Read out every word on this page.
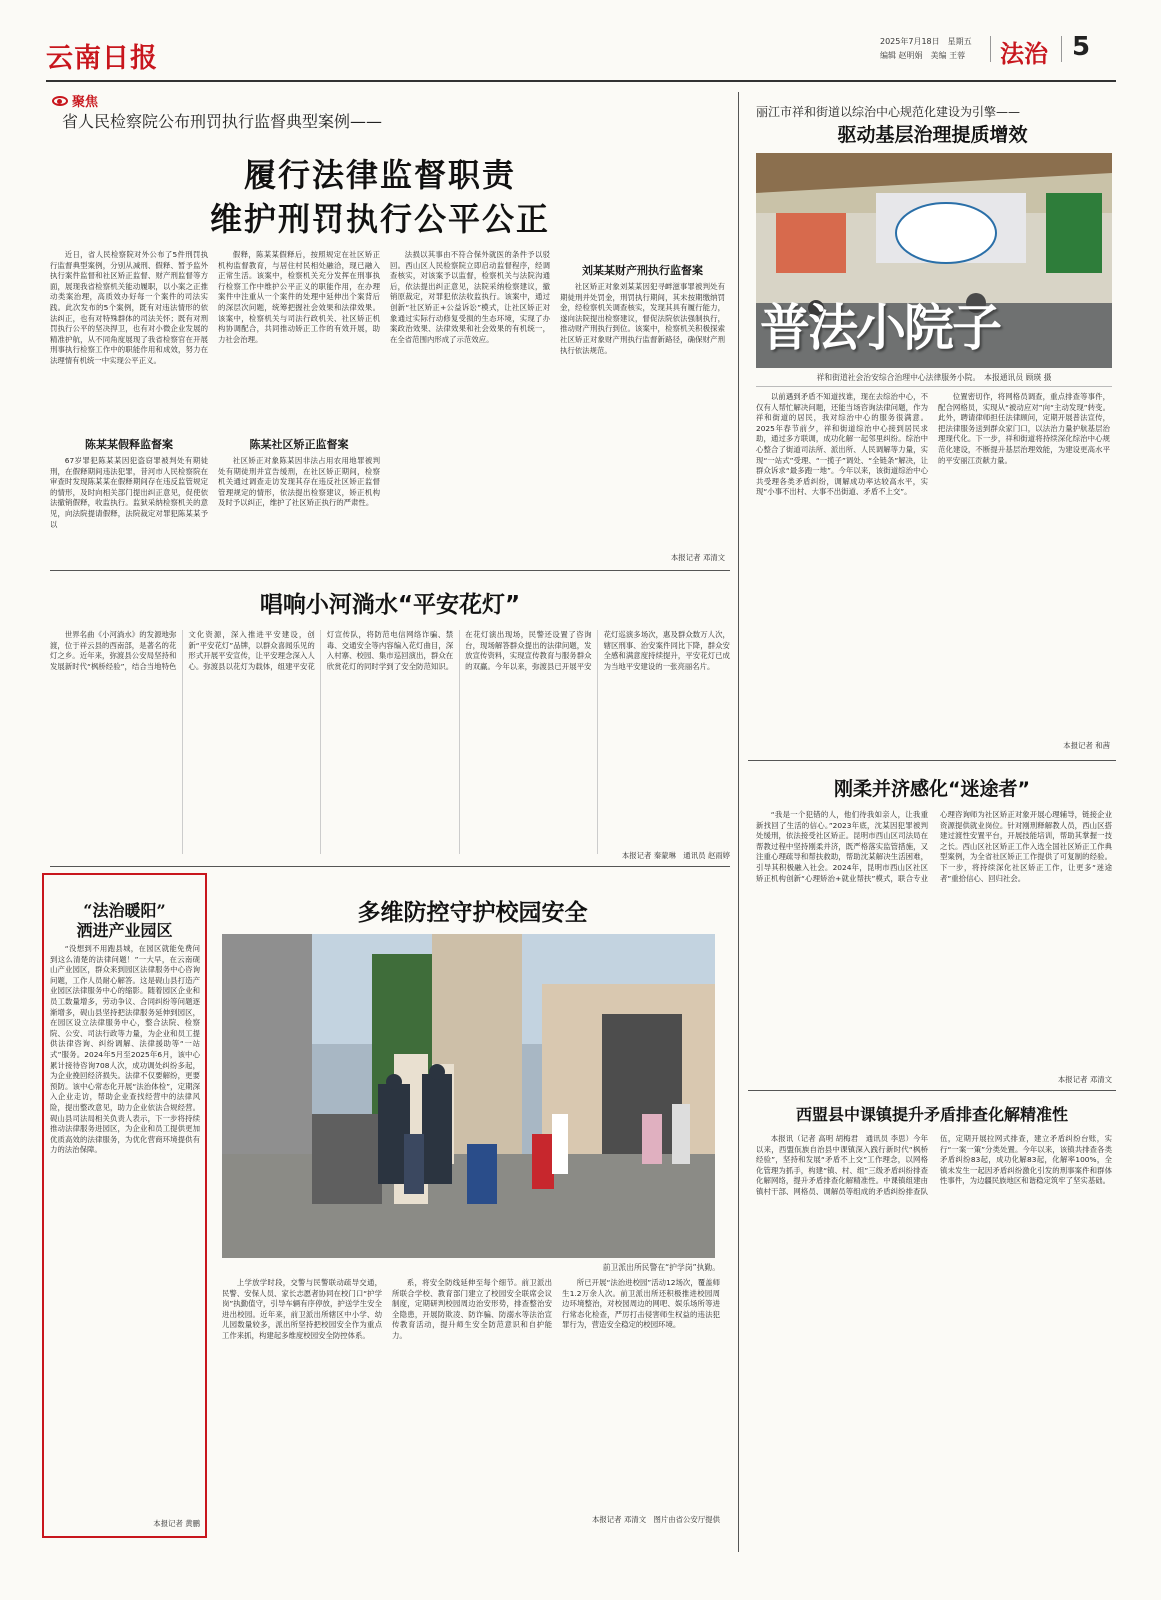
云南日报
2025年7月18日　星期五
编辑 赵明娟　美编 王蓉 法治 5
聚焦
省人民检察院公布刑罚执行监督典型案例——
履行法律监督职责
维护刑罚执行公平公正

近日，省人民检察院对外公布了5件刑罚执行监督典型案例，分别从减刑、假释、暂予监外执行案件监督和社区矫正监督、财产刑监督等方面，展现我省检察机关能动履职，以小案之正推动类案治理，高质效办好每一个案件的司法实践。此次发布的5个案例，既有对违法情形的依法纠正，也有对特殊群体的司法关怀；既有对刑罚执行公平的坚决捍卫，也有对小微企业发展的精准护航，从不同角度展现了我省检察官在开展刑事执行检察工作中的职能作用和成效，努力在法理情有机统一中实现公平正义。

陈某某假释监督案

67岁罪犯陈某某因犯盗窃罪被判处有期徒刑，在假释期间违法犯罪，昔河市人民检察院在审查时发现陈某某在假释期间存在违反监管规定的情形，及时向相关部门提出纠正意见，促使依法撤销假释，收监执行。监狱采纳检察机关的意见，向法院提请假释，法院裁定对罪犯陈某某予以

假释，陈某某假释后，按照规定在社区矫正机构监督教育，与居住村民相处融洽，现已融入正常生活。该案中，检察机关充分发挥在刑事执行检察工作中维护公平正义的职能作用，在办理案件中注重从一个案件的处理中延伸出个案背后的深层次问题，统筹把握社会效果和法律效果。该案中，检察机关与司法行政机关、社区矫正机构协调配合，共同推动矫正工作的有效开展，助力社会治理。

陈某社区矫正监督案

社区矫正对象陈某因非法占用农用地罪被判处有期徒刑并宣告缓刑，在社区矫正期间，检察机关通过调查走访发现其存在违反社区矫正监督管理规定的情形，依法提出检察建议，矫正机构及时予以纠正，维护了社区矫正执行的严肃性。

法损以其事由不符合保外就医的条件予以驳回。西山区人民检察院立即启动监督程序，经调查核实，对该案予以监督，检察机关与法院沟通后，依法提出纠正意见，法院采纳检察建议，撤销原裁定，对罪犯依法收监执行。该案中，通过创新“社区矫正+公益诉讼”模式，让社区矫正对象通过实际行动修复受损的生态环境，实现了办案政治效果、法律效果和社会效果的有机统一，在全省范围内形成了示范效应。

刘某某财产刑执行监督案

社区矫正对象刘某某因犯寻衅滋事罪被判处有期徒刑并处罚金，刑罚执行期间，其未按期缴纳罚金，经检察机关调查核实，发现其具有履行能力，遂向法院提出检察建议，督促法院依法强制执行，推动财产刑执行到位。该案中，检察机关积极探索社区矫正对象财产刑执行监督新路径，确保财产刑执行依法规范。

本报记者 邓清文
丽江市祥和街道以综治中心规范化建设为引擎——
驱动基层治理提质增效
普法小院子
祥和街道社会治安综合治理中心法律服务小院。　本报通讯员 顾瑛 摄

以前遇到矛盾不知道找谁，现在去综治中心，不仅有人帮忙解决问题，还能当场咨询法律问题，作为祥和街道的居民，我对综治中心的服务很满意。2025年春节前夕，祥和街道综治中心接到居民求助，通过多方联调，成功化解一起邻里纠纷。综治中心整合了街道司法所、派出所、人民调解等力量，实现“一站式”受理、“一揽子”调处、“全链条”解决，让群众诉求“最多跑一地”。今年以来，该街道综治中心共受理各类矛盾纠纷，调解成功率达较高水平，实现“小事不出村、大事不出街道、矛盾不上交”。

位置密切作，将网格员调查，重点排查等事件，配合网格员，实现从“被动应对”向“主动发现”转变。此外，聘请律师担任法律顾问，定期开展普法宣传，把法律服务送到群众家门口，以法治力量护航基层治理现代化。下一步，祥和街道将持续深化综治中心规范化建设，不断提升基层治理效能，为建设更高水平的平安丽江贡献力量。

本报记者 和茜
唱响小河淌水“平安花灯”

世界名曲《小河淌水》的发源地弥渡，位于祥云县的西南部，是著名的花灯之乡。近年来，弥渡县公安局坚持和发展新时代“枫桥经验”，结合当地特色文化资源，深入推进平安建设，创新“平安花灯”品牌，以群众喜闻乐见的形式开展平安宣传，让平安理念深入人心。弥渡县以花灯为载体，组建平安花灯宣传队，将防范电信网络诈骗、禁毒、交通安全等内容编入花灯曲目，深入村寨、校园、集市巡回演出，群众在欣赏花灯的同时学到了安全防范知识。在花灯演出现场，民警还设置了咨询台，现场解答群众提出的法律问题，发放宣传资料，实现宣传教育与服务群众的双赢。今年以来，弥渡县已开展平安花灯巡演多场次，惠及群众数万人次，辖区刑事、治安案件同比下降，群众安全感和满意度持续提升，平安花灯已成为当地平安建设的一张亮丽名片。

本报记者 秦蒙琳　通讯员 赵雨婷
“法治暖阳”
洒进产业园区

“没想到不用跑县城，在园区就能免费问到这么清楚的法律问题！”一大早，在云南砚山产业园区，群众来到园区法律服务中心咨询问题，工作人员耐心解答。这是砚山县打造产业园区法律服务中心的缩影。随着园区企业和员工数量增多，劳动争议、合同纠纷等问题逐渐增多，砚山县坚持把法律服务延伸到园区，在园区设立法律服务中心，整合法院、检察院、公安、司法行政等力量，为企业和员工提供法律咨询、纠纷调解、法律援助等“一站式”服务。2024年5月至2025年6月，该中心累计接待咨询708人次，成功调处纠纷多起，为企业挽回经济损失。法律不仅要解纷，更要预防。该中心常态化开展“法治体检”，定期深入企业走访，帮助企业查找经营中的法律风险，提出整改意见，助力企业依法合规经营。砚山县司法局相关负责人表示，下一步将持续推动法律服务进园区，为企业和员工提供更加优质高效的法律服务，为优化营商环境提供有力的法治保障。

本报记者 黄鹏
多维防控守护校园安全
前卫派出所民警在“护学岗”执勤。

上学放学时段，交警与民警联动疏导交通，民警、安保人员、家长志愿者协同在校门口“护学岗”执勤值守，引导车辆有序停放，护送学生安全进出校园。近年来，前卫派出所辖区中小学、幼儿园数量较多，派出所坚持把校园安全作为重点工作来抓，构建起多维度校园安全防控体系。

系，将安全防线延伸至每个细节。前卫派出所联合学校、教育部门建立了校园安全联席会议制度，定期研判校园周边治安形势，排查整治安全隐患，开展防欺凌、防诈骗、防溺水等法治宣传教育活动，提升师生安全防范意识和自护能力。

所已开展“法治进校园”活动12场次，覆盖师生1.2万余人次。前卫派出所还积极推进校园周边环境整治，对校园周边的网吧、娱乐场所等进行常态化检查，严厉打击侵害师生权益的违法犯罪行为，营造安全稳定的校园环境。

本报记者 邓清文　图片由省公安厅提供
刚柔并济感化“迷途者”

“我是一个犯错的人，他们待我如亲人，让我重新找回了生活的信心。”2023年底，沈某因犯罪被判处缓刑，依法接受社区矫正。昆明市西山区司法局在帮教过程中坚持刚柔并济，既严格落实监管措施，又注重心理疏导和帮扶救助，帮助沈某解决生活困难，引导其积极融入社会。2024年，昆明市西山区社区矫正机构创新“心理矫治+就业帮扶”模式，联合专业心理咨询师为社区矫正对象开展心理辅导，链接企业资源提供就业岗位。针对刚刑释解教人员，西山区搭建过渡性安置平台，开展技能培训，帮助其掌握一技之长。西山区社区矫正工作入选全国社区矫正工作典型案例，为全省社区矫正工作提供了可复制的经验。下一步，将持续深化社区矫正工作，让更多“迷途者”重拾信心、回归社会。

本报记者 邓清文
西盟县中课镇提升矛盾排查化解精准性

本报讯（记者 高明 胡梅君　通讯员 李思）今年以来，西盟佤族自治县中课镇深入践行新时代“枫桥经验”，坚持和发展“矛盾不上交”工作理念，以网格化管理为抓手，构建“镇、村、组”三级矛盾纠纷排查化解网络，提升矛盾排查化解精准性。中课镇组建由镇村干部、网格员、调解员等组成的矛盾纠纷排查队伍，定期开展拉网式排查，建立矛盾纠纷台账，实行“一案一策”分类处置。今年以来，该镇共排查各类矛盾纠纷83起，成功化解83起，化解率100%，全镇未发生一起因矛盾纠纷激化引发的刑事案件和群体性事件，为边疆民族地区和谐稳定筑牢了坚实基础。
